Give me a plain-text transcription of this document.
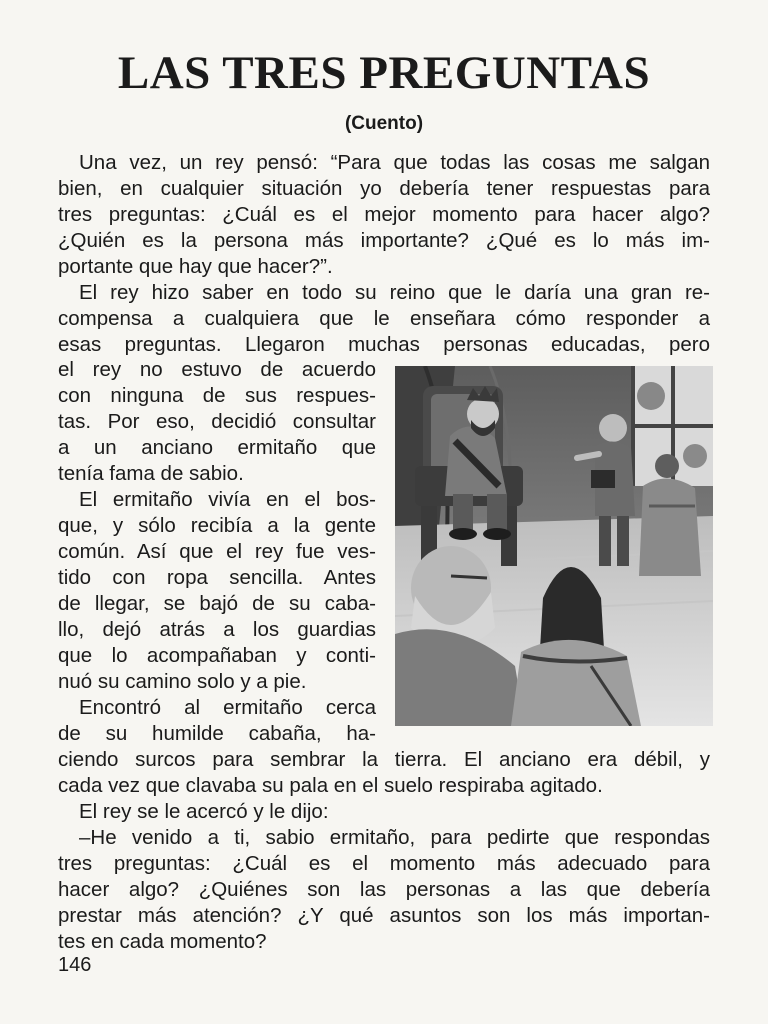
LAS TRES PREGUNTAS

(Cuento)

Una vez, un rey pensó: “Para que todas las cosas me salgan

bien, en cualquier situación yo debería tener respuestas para

tres preguntas: ¿Cuál es el mejor momento para hacer algo?

¿Quién es la persona más importante? ¿Qué es lo más im-

portante que hay que hacer?”.

El rey hizo saber en todo su reino que le daría una gran re-

compensa a cualquiera que le enseñara cómo responder a

esas preguntas. Llegaron muchas personas educadas, pero

el rey no estuvo de acuerdo

con ninguna de sus respues-

tas. Por eso, decidió consultar

a un anciano ermitaño que

tenía fama de sabio.

El ermitaño vivía en el bos-

que, y sólo recibía a la gente

común. Así que el rey fue ves-

tido con ropa sencilla. Antes

de llegar, se bajó de su caba-

llo, dejó atrás a los guardias

que lo acompañaban y conti-

nuó su camino solo y a pie.

Encontró al ermitaño cerca

de su humilde cabaña, ha-

ciendo surcos para sembrar la tierra. El anciano era débil, y

cada vez que clavaba su pala en el suelo respiraba agitado.

El rey se le acercó y le dijo:

–He venido a ti, sabio ermitaño, para pedirte que respondas

tres preguntas: ¿Cuál es el momento más adecuado para

hacer algo? ¿Quiénes son las personas a las que debería

prestar más atención? ¿Y qué asuntos son los más importan-

tes en cada momento?

146
